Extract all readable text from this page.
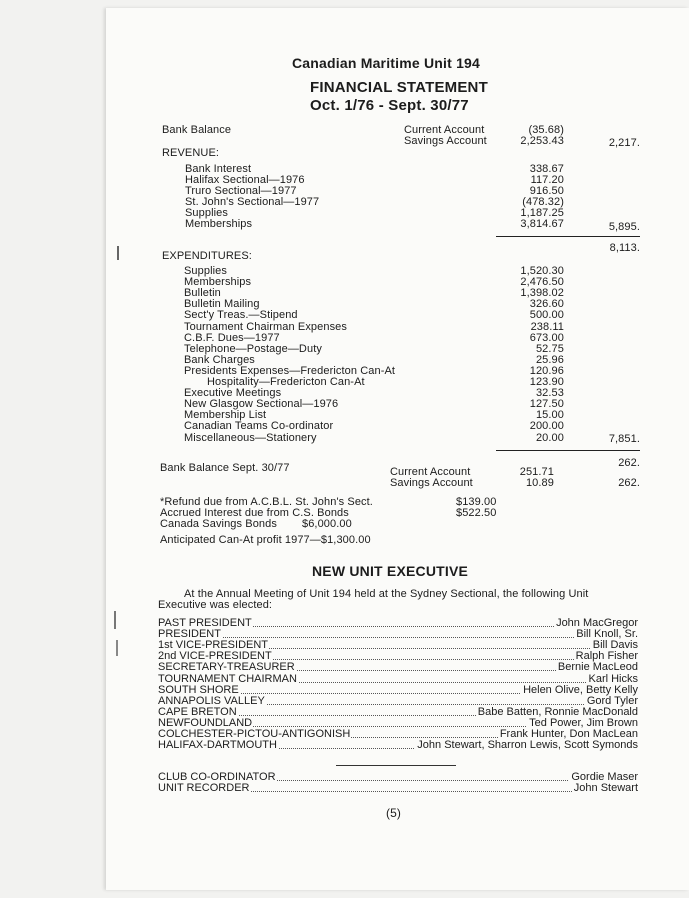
Canadian Maritime Unit 194
FINANCIAL STATEMENT
Oct. 1/76 - Sept. 30/77
Bank Balance	Current Account	(35.68)
Savings Account	2,253.43	2,217.
REVENUE:
Bank Interest	338.67
Halifax Sectional—1976	117.20
Truro Sectional—1977	916.50
St. John's Sectional—1977	(478.32)
Supplies	1,187.25
Memberships	3,814.67	5,895.
8,113.
EXPENDITURES:
Supplies	1,520.30
Memberships	2,476.50
Bulletin	1,398.02
Bulletin Mailing	326.60
Sect'y Treas.—Stipend	500.00
Tournament Chairman Expenses	238.11
C.B.F. Dues—1977	673.00
Telephone—Postage—Duty	52.75
Bank Charges	25.96
Presidents Expenses—Fredericton Can-At	120.96
Hospitality—Fredericton Can-At	123.90
Executive Meetings	32.53
New Glasgow Sectional—1976	127.50
Membership List	15.00
Canadian Teams Co-ordinator	200.00
Miscellaneous—Stationery	20.00	7,851.
262.
Bank Balance Sept. 30/77	Current Account	251.71
Savings Account	10.89	262.
*Refund due from A.C.B.L. St. John's Sect.	$139.00
Accrued Interest due from C.S. Bonds	$522.50
Canada Savings Bonds $6,000.00
Anticipated Can-At profit 1977—$1,300.00
NEW UNIT EXECUTIVE
At the Annual Meeting of Unit 194 held at the Sydney Sectional, the following Unit
Executive was elected:
PAST PRESIDENT	John MacGregor
PRESIDENT	Bill Knoll, Sr.
1st VICE-PRESIDENT	Bill Davis
2nd VICE-PRESIDENT	Ralph Fisher
SECRETARY-TREASURER	Bernie MacLeod
TOURNAMENT CHAIRMAN	Karl Hicks
SOUTH SHORE	Helen Olive, Betty Kelly
ANNAPOLIS VALLEY	Gord Tyler
CAPE BRETON	Babe Batten, Ronnie MacDonald
NEWFOUNDLAND	Ted Power, Jim Brown
COLCHESTER-PICTOU-ANTIGONISH	Frank Hunter, Don MacLean
HALIFAX-DARTMOUTH	John Stewart, Sharron Lewis, Scott Symonds
CLUB CO-ORDINATOR	Gordie Maser
UNIT RECORDER	John Stewart
(5)
